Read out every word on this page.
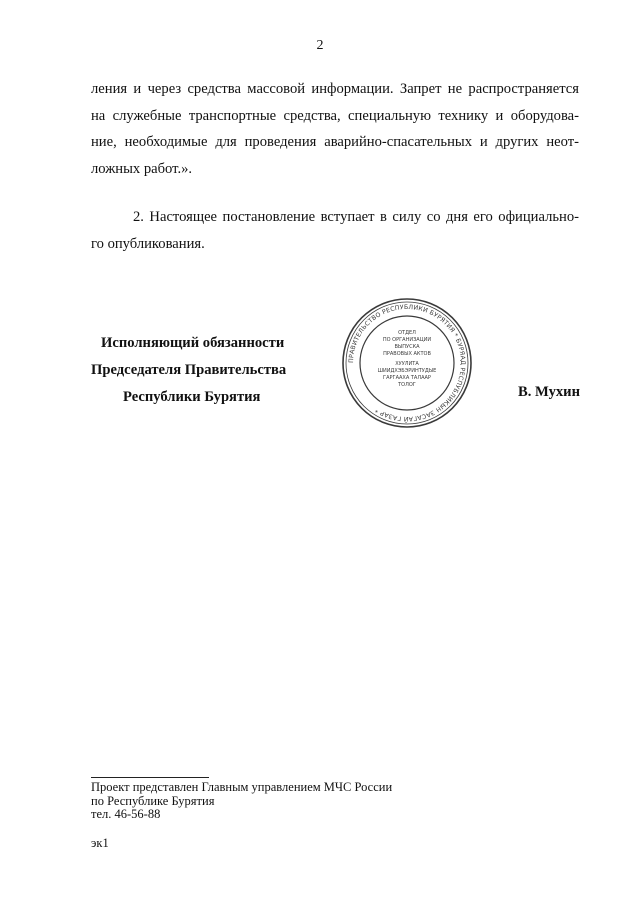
2
ления и через средства массовой информации. Запрет не распространяется
на служебные транспортные средства, специальную технику и оборудова-
ние, необходимые для проведения аварийно-спасательных и других неот-
ложных работ.».
2. Настоящее постановление вступает в силу со дня его официально-
го опубликования.
Исполняющий обязанности
Председателя Правительства
Республики Бурятия	В. Мухин
ПРАВИТЕЛЬСТВО РЕСПУБЛИКИ БУРЯТИЯ * БУРЯАД РЕСПУБЛИКЫН ЗАСАГАЙ ГАЗАР *
ОТДЕЛ
ПО ОРГАНИЗАЦИИ
ВЫПУСКА
ПРАВОВЫХ АКТОВ
ХУУЛИТА
ШИИДХЭБЭРИНТУДЫЕ
ГАРГААХА ТАЛААР
ТОЛОГ
Проект представлен Главным управлением МЧС России
по Республике Бурятия
тел. 46-56-88
эк1
